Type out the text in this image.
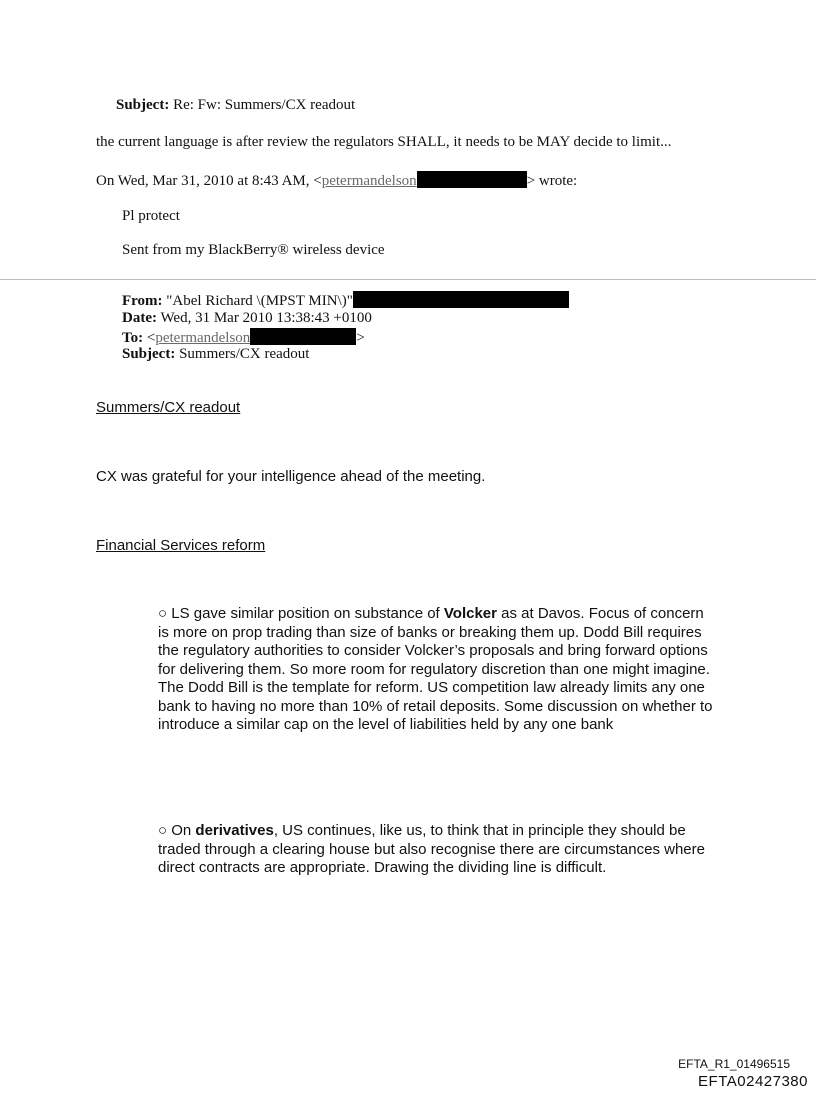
Subject: Re: Fw: Summers/CX readout
the current language is after review the regulators SHALL, it needs to be MAY decide to limit...
On Wed, Mar 31, 2010 at 8:43 AM, <petermandelson	> wrote:
Pl protect
Sent from my BlackBerry® wireless device
From: "Abel Richard \(MPST MIN\)"
Date: Wed, 31 Mar 2010 13:38:43 +0100
To: <petermandelson	>
Subject: Summers/CX readout
Summers/CX readout
CX was grateful for your intelligence ahead of the meeting.
Financial Services reform
○ LS gave similar position on substance of Volcker as at Davos. Focus of concern is more on prop trading than size of banks or breaking them up. Dodd Bill requires the regulatory authorities to consider Volcker’s proposals and bring forward options for delivering them. So more room for regulatory discretion than one might imagine. The Dodd Bill is the template for reform. US competition law already limits any one bank to having no more than 10% of retail deposits. Some discussion on whether to introduce a similar cap on the level of liabilities held by any one bank
○ On derivatives, US continues, like us, to think that in principle they should be traded through a clearing house but also recognise there are circumstances where direct contracts are appropriate. Drawing the dividing line is difficult.
EFTA_R1_01496515
EFTA02427380
